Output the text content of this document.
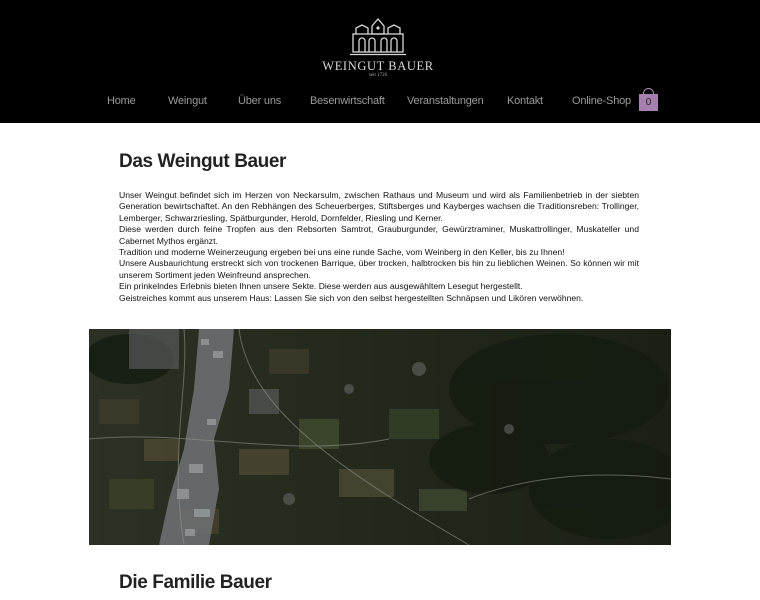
WEINGUT BAUER
seit 1726
Home	Weingut	Über uns	Besenwirtschaft Veranstaltungen Kontakt	Online-Shop	0
Das Weingut Bauer

Unser Weingut befindet sich im Herzen von Neckarsulm, zwischen Rathaus und Museum und wird als Familienbetrieb in der siebten Generation bewirtschaftet. An den Rebhängen des Scheuerberges, Stiftsberges und Kayberges wachsen die Traditionsreben: Trollinger, Lemberger, Schwarzriesling, Spätburgunder, Herold, Dornfelder, Riesling und Kerner.

Diese werden durch feine Tropfen aus den Rebsorten Samtrot, Grauburgunder, Gewürztraminer, Muskattrollinger, Muskateller und Cabernet Mythos ergänzt.

Tradition und moderne Weinerzeugung ergeben bei uns eine runde Sache, vom Weinberg in den Keller, bis zu Ihnen!

Unsere Ausbaurichtung erstreckt sich von trockenen Barrique, über trocken, halbtrocken bis hin zu lieblichen Weinen. So können wir mit unserem Sortiment jeden Weinfreund ansprechen.

Ein prinkelndes Erlebnis bieten Ihnen unsere Sekte. Diese werden aus ausgewähltem Lesegut hergestellt.

Geistreiches kommt aus unserem Haus: Lassen Sie sich von den selbst hergestellten Schnäpsen und Likören verwöhnen.

Die Familie Bauer
